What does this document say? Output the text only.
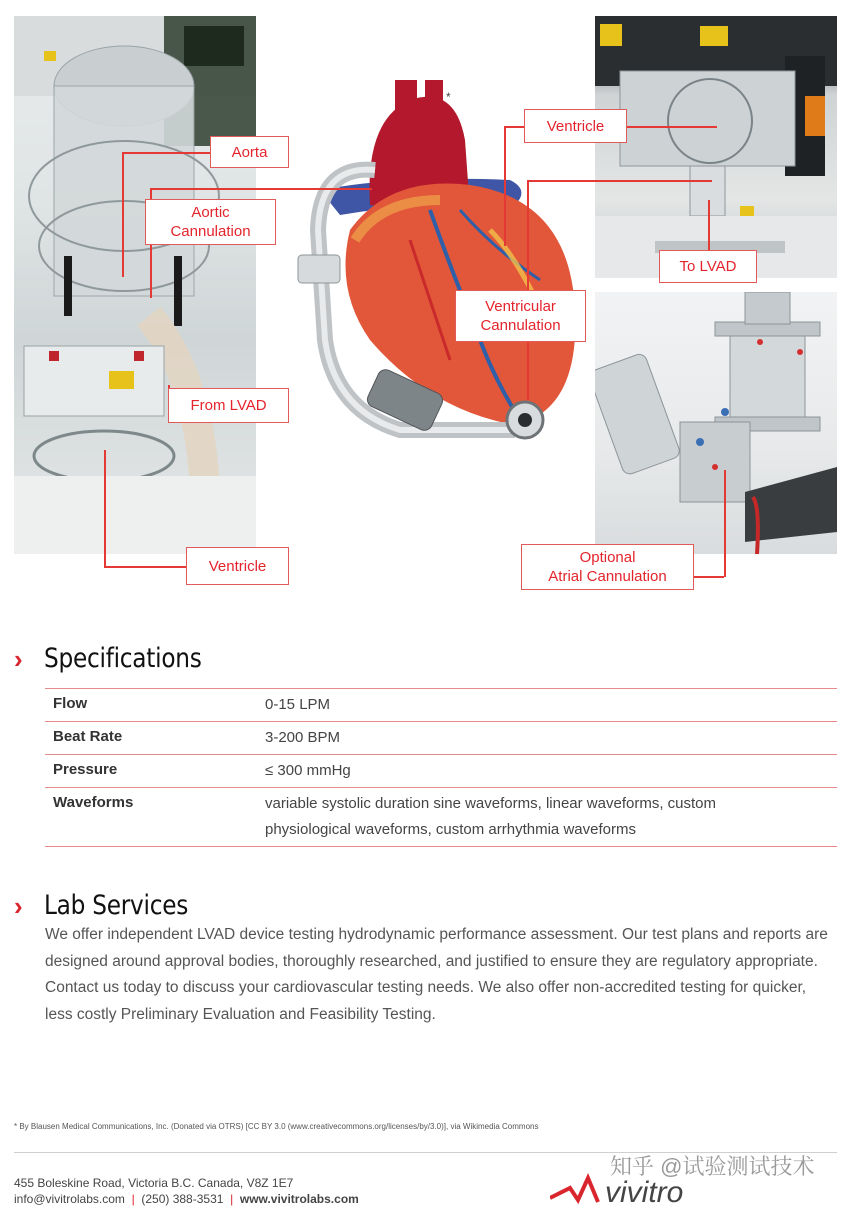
*
Aorta
Aortic
Cannulation
From LVAD
Ventricle
Ventricle
To LVAD
Ventricular
Cannulation
Optional
Atrial Cannulation
› Specifications
Flow	0-15 LPM
Beat Rate	3-200 BPM
Pressure	≤ 300 mmHg
Waveforms	variable systolic duration sine waveforms, linear waveforms, custom physiological waveforms, custom arrhythmia waveforms
› Lab Services
We offer independent LVAD device testing hydrodynamic performance assessment. Our test plans and reports are designed around approval bodies, thoroughly researched, and justified to ensure they are regulatory appropriate. Contact us today to discuss your cardiovascular testing needs. We also offer non-accredited testing for quicker, less costly Preliminary Evaluation and Feasibility Testing.
* By Blausen Medical Communications, Inc. (Donated via OTRS) [CC BY 3.0 (www.creativecommons.org/licenses/by/3.0)], via Wikimedia Commons
知乎 @试验测试技术
455 Boleskine Road, Victoria B.C. Canada, V8Z 1E7
info@vivitrolabs.com | (250) 388-3531 | www.vivitrolabs.com	vivitro
